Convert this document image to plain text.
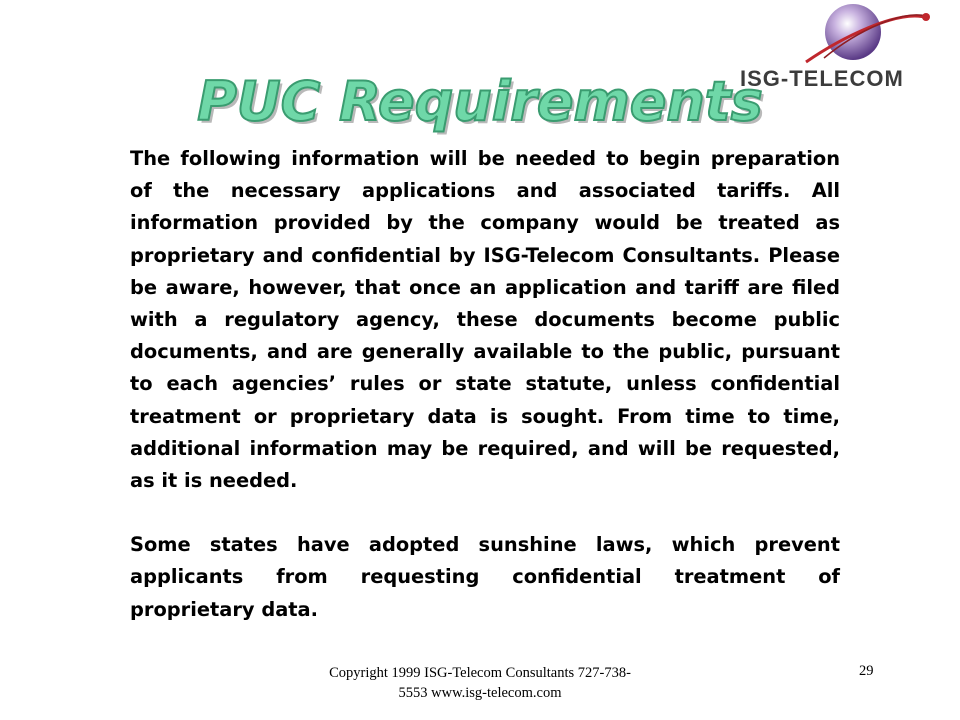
ISG-TELECOM
PUC Requirements

The following information will be needed to begin preparation of the necessary applications and associated tariffs. All information provided by the company would be treated as proprietary and confidential by ISG-Telecom Consultants. Please be aware, however, that once an application and tariff are filed with a regulatory agency, these documents become public documents, and are generally available to the public, pursuant to each agencies’ rules or state statute, unless confidential treatment or proprietary data is sought. From time to time, additional information may be required, and will be requested, as it is needed.

Some states have adopted sunshine laws, which prevent applicants from requesting confidential treatment of proprietary data.

Copyright 1999 ISG-Telecom Consultants 727-738-5553 www.isg-telecom.com
29
